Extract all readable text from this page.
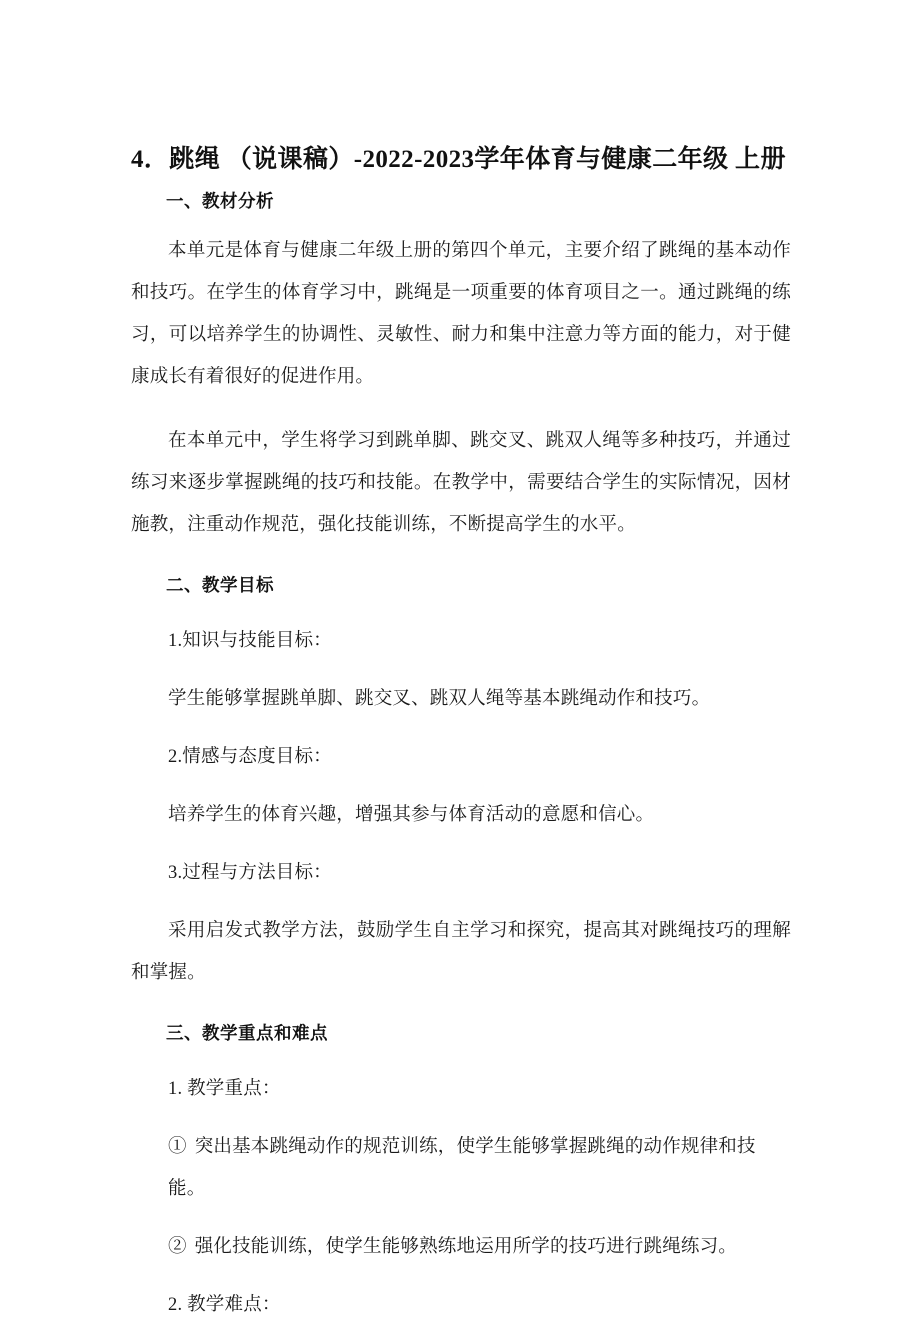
4．跳绳 （说课稿）-2022-2023学年体育与健康二年级 上册
一、教材分析

本单元是体育与健康二年级上册的第四个单元，主要介绍了跳绳的基本动作和技巧。在学生的体育学习中，跳绳是一项重要的体育项目之一。通过跳绳的练习，可以培养学生的协调性、灵敏性、耐力和集中注意力等方面的能力，对于健康成长有着很好的促进作用。

在本单元中，学生将学习到跳单脚、跳交叉、跳双人绳等多种技巧，并通过练习来逐步掌握跳绳的技巧和技能。在教学中，需要结合学生的实际情况，因材施教，注重动作规范，强化技能训练，不断提高学生的水平。

二、教学目标

1.知识与技能目标：

学生能够掌握跳单脚、跳交叉、跳双人绳等基本跳绳动作和技巧。

2.情感与态度目标：

培养学生的体育兴趣，增强其参与体育活动的意愿和信心。

3.过程与方法目标：

采用启发式教学方法，鼓励学生自主学习和探究，提高其对跳绳技巧的理解和掌握。

三、教学重点和难点

1. 教学重点：

① 突出基本跳绳动作的规范训练，使学生能够掌握跳绳的动作规律和技能。

② 强化技能训练，使学生能够熟练地运用所学的技巧进行跳绳练习。

2. 教学难点：
